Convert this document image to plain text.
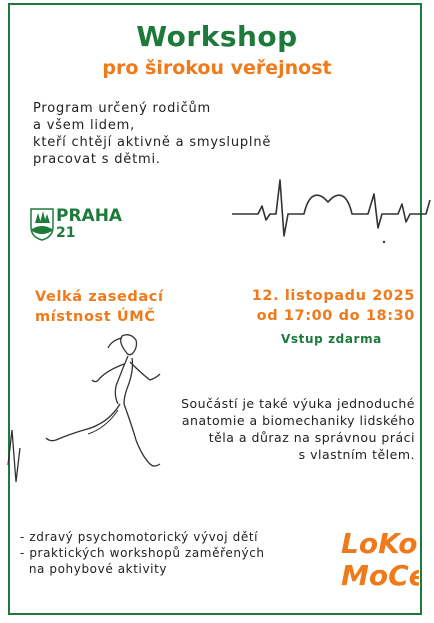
Workshop
pro širokou veřejnost
Program určený rodičům
a všem lidem,
kteří chtějí aktivně a smysluplně
pracovat s dětmi.
PRAHA
21
Velká zasedací
místnost ÚMČ
12. listopadu 2025
od 17:00 do 18:30
Vstup zdarma
Součástí je také výuka jednoduché
anatomie a biomechaniky lidského
těla a důraz na správnou práci
s vlastním tělem.
- zdravý psychomotorický vývoj dětí
- praktických workshopů zaměřených
na pohybové aktivity
LoKo
MoCe
